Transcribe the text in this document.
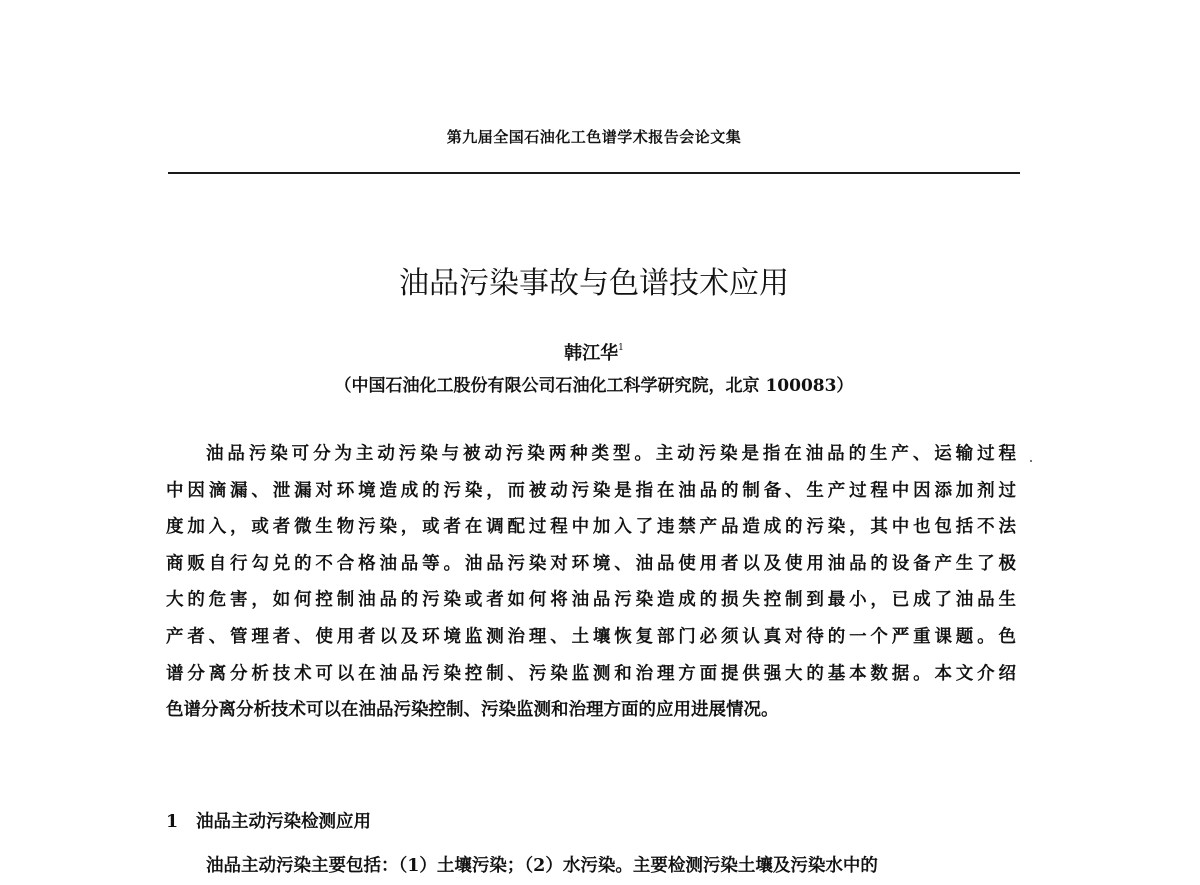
第九届全国石油化工色谱学术报告会论文集
油品污染事故与色谱技术应用
韩江华$^1$
（中国石油化工股份有限公司石油化工科学研究院，北京 100083）
油品污染可分为主动污染与被动污染两种类型。主动污染是指在油品的生产、运输过程
中因滴漏、泄漏对环境造成的污染，而被动污染是指在油品的制备、生产过程中因添加剂过
度加入，或者微生物污染，或者在调配过程中加入了违禁产品造成的污染，其中也包括不法
商贩自行勾兑的不合格油品等。油品污染对环境、油品使用者以及使用油品的设备产生了极
大的危害，如何控制油品的污染或者如何将油品污染造成的损失控制到最小，已成了油品生
产者、管理者、使用者以及环境监测治理、土壤恢复部门必须认真对待的一个严重课题。色
谱分离分析技术可以在油品污染控制、污染监测和治理方面提供强大的基本数据。本文介绍
色谱分离分析技术可以在油品污染控制、污染监测和治理方面的应用进展情况。
1 油品主动污染检测应用
油品主动污染主要包括：（1）土壤污染；（2）水污染。主要检测污染土壤及污染水中的
